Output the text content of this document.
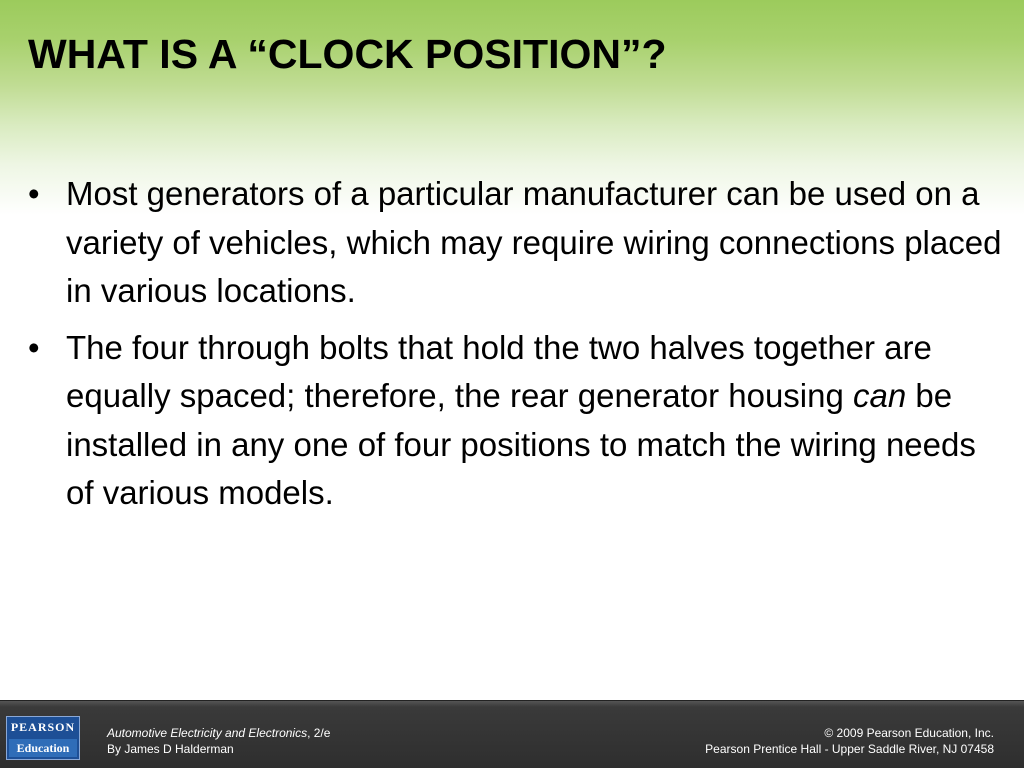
WHAT IS A “CLOCK POSITION”?
• Most generators of a particular manufacturer can be used on a variety of vehicles, which may require wiring connections placed in various locations.
• The four through bolts that hold the two halves together are equally spaced; therefore, the rear generator housing can be installed in any one of four positions to match the wiring needs of various models.
PEARSON
Education
Automotive Electricity and Electronics, 2/e
By James D Halderman
© 2009 Pearson Education, Inc.
Pearson Prentice Hall - Upper Saddle River, NJ 07458
